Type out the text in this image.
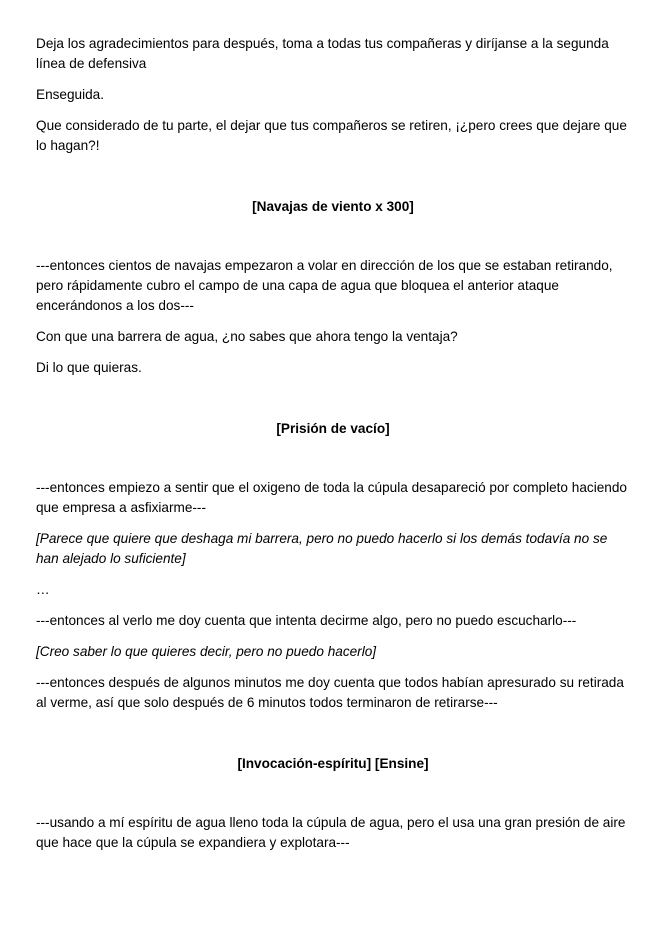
Deja los agradecimientos para después, toma a todas tus compañeras y diríjanse a la segunda línea de defensiva

Enseguida.

Que considerado de tu parte, el dejar que tus compañeros se retiren, ¡¿pero crees que dejare que lo hagan?!

[Navajas de viento x 300]

---entonces cientos de navajas empezaron a volar en dirección de los que se estaban retirando, pero rápidamente cubro el campo de una capa de agua que bloquea el anterior ataque encerándonos a los dos---

Con que una barrera de agua, ¿no sabes que ahora tengo la ventaja?

Di lo que quieras.

[Prisión de vacío]

---entonces empiezo a sentir que el oxigeno de toda la cúpula desapareció por completo haciendo que empresa a asfixiarme---

[Parece que quiere que deshaga mi barrera, pero no puedo hacerlo si los demás todavía no se han alejado lo suficiente]

…

---entonces al verlo me doy cuenta que intenta decirme algo, pero no puedo escucharlo---

[Creo saber lo que quieres decir, pero no puedo hacerlo]

---entonces después de algunos minutos me doy cuenta que todos habían apresurado su retirada al verme, así que solo después de 6 minutos todos terminaron de retirarse---

[Invocación-espíritu] [Ensine]

---usando a mí espíritu de agua lleno toda la cúpula de agua, pero el usa una gran presión de aire que hace que la cúpula se expandiera y explotara---
